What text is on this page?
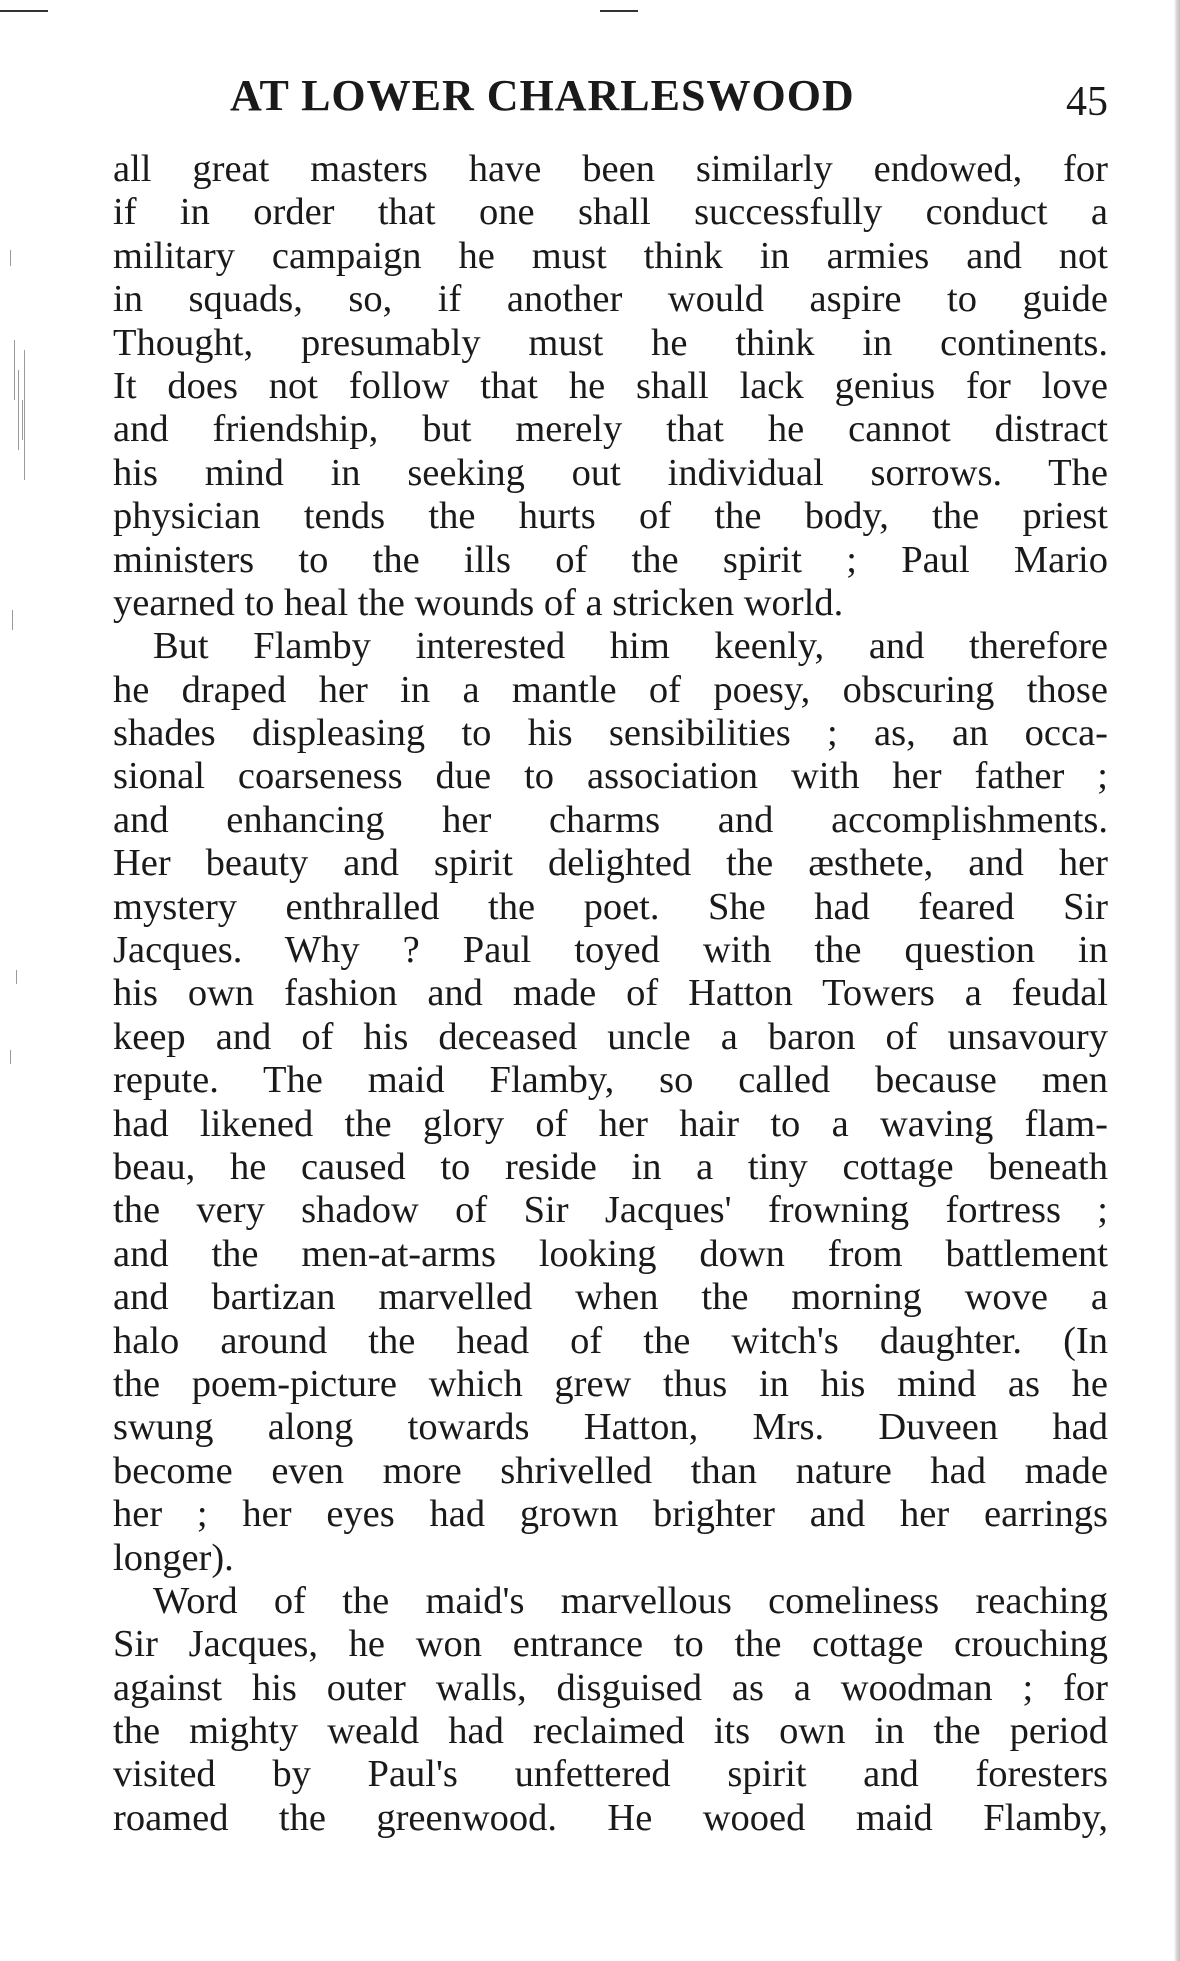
AT LOWER CHARLESWOOD	45
all great masters have been similarly endowed, for
if in order that one shall successfully conduct a
military campaign he must think in armies and not
in squads, so, if another would aspire to guide
Thought, presumably must he think in continents.
It does not follow that he shall lack genius for love
and friendship, but merely that he cannot distract
his mind in seeking out individual sorrows. The
physician tends the hurts of the body, the priest
ministers to the ills of the spirit ; Paul Mario
yearned to heal the wounds of a stricken world.
But Flamby interested him keenly, and therefore
he draped her in a mantle of poesy, obscuring those
shades displeasing to his sensibilities ; as, an occa-
sional coarseness due to association with her father ;
and enhancing her charms and accomplishments.
Her beauty and spirit delighted the æsthete, and her
mystery enthralled the poet. She had feared Sir
Jacques. Why ? Paul toyed with the question in
his own fashion and made of Hatton Towers a feudal
keep and of his deceased uncle a baron of unsavoury
repute. The maid Flamby, so called because men
had likened the glory of her hair to a waving flam-
beau, he caused to reside in a tiny cottage beneath
the very shadow of Sir Jacques' frowning fortress ;
and the men-at-arms looking down from battlement
and bartizan marvelled when the morning wove a
halo around the head of the witch's daughter. (In
the poem-picture which grew thus in his mind as he
swung along towards Hatton, Mrs. Duveen had
become even more shrivelled than nature had made
her ; her eyes had grown brighter and her earrings
longer).
Word of the maid's marvellous comeliness reaching
Sir Jacques, he won entrance to the cottage crouching
against his outer walls, disguised as a woodman ; for
the mighty weald had reclaimed its own in the period
visited by Paul's unfettered spirit and foresters
roamed the greenwood. He wooed maid Flamby,
